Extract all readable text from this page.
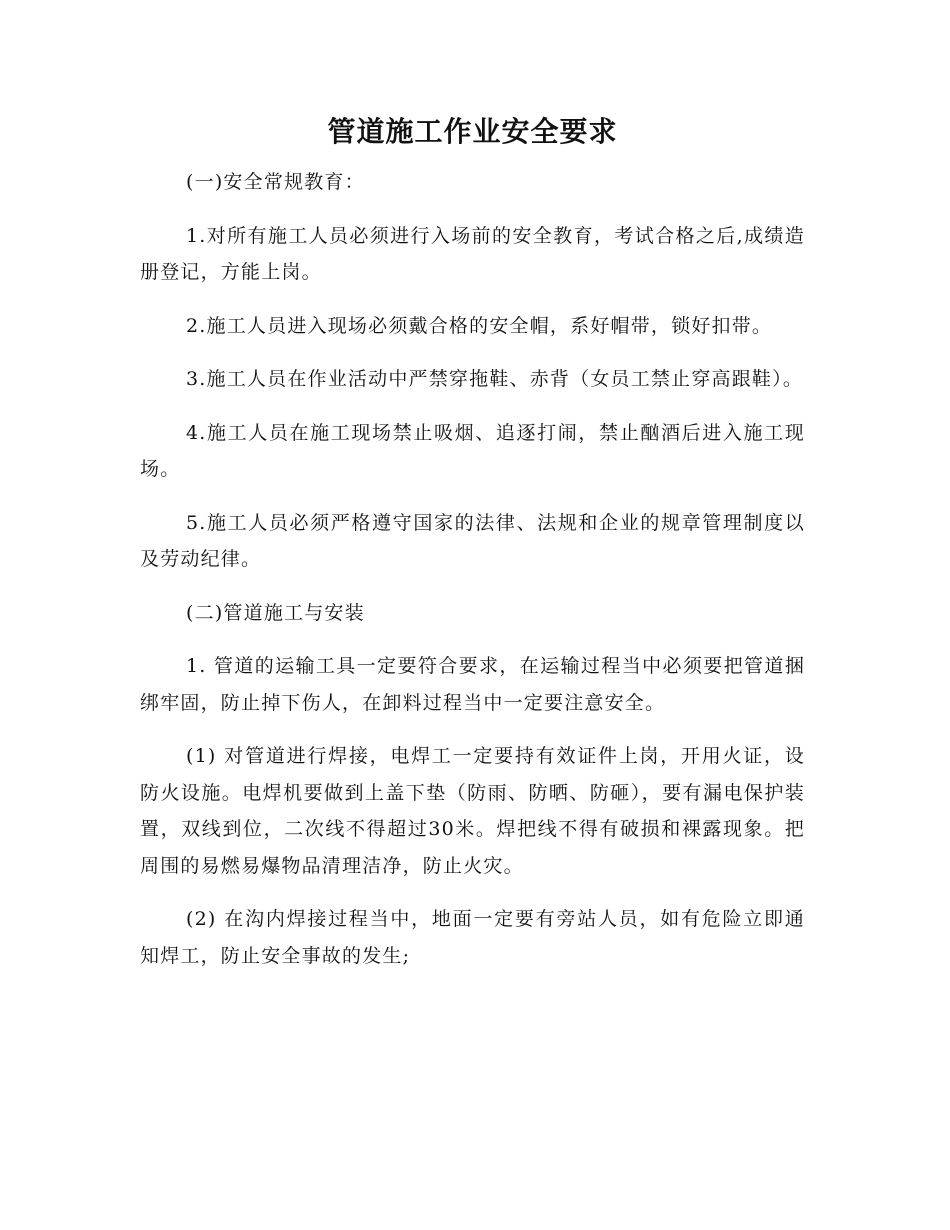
管道施工作业安全要求

(一)安全常规教育：

1.对所有施工人员必须进行入场前的安全教育，考试合格之后,成绩造册登记，方能上岗。

2.施工人员进入现场必须戴合格的安全帽，系好帽带，锁好扣带。

3.施工人员在作业活动中严禁穿拖鞋、赤背（女员工禁止穿高跟鞋）。

4.施工人员在施工现场禁止吸烟、追逐打闹，禁止酗酒后进入施工现场。

5.施工人员必须严格遵守国家的法律、法规和企业的规章管理制度以及劳动纪律。

(二)管道施工与安装

1. 管道的运输工具一定要符合要求，在运输过程当中必须要把管道捆绑牢固，防止掉下伤人，在卸料过程当中一定要注意安全。

(1) 对管道进行焊接，电焊工一定要持有效证件上岗，开用火证，设防火设施。电焊机要做到上盖下垫（防雨、防晒、防砸），要有漏电保护装置，双线到位，二次线不得超过30米。焊把线不得有破损和裸露现象。把周围的易燃易爆物品清理洁净，防止火灾。

(2) 在沟内焊接过程当中，地面一定要有旁站人员，如有危险立即通知焊工，防止安全事故的发生;
